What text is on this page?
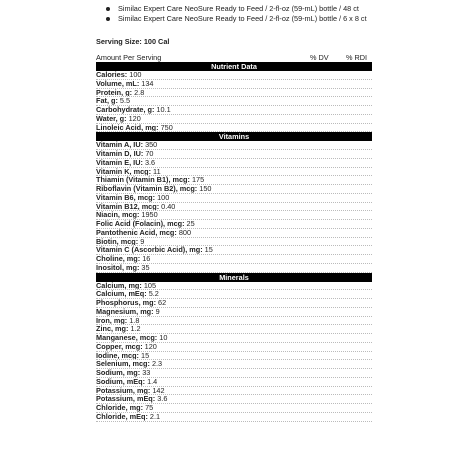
Similac Expert Care NeoSure Ready to Feed / 2-fl-oz (59-mL) bottle / 48 ct
Similac Expert Care NeoSure Ready to Feed / 2-fl-oz (59-mL) bottle / 6 x 8 ct
Serving Size: 100 Cal
Amount Per Serving	% DV % RDI
Nutrient Data
Calories: 100
Volume, mL: 134
Protein, g: 2.8
Fat, g: 5.5
Carbohydrate, g: 10.1
Water, g: 120
Linoleic Acid, mg: 750
Vitamins
Vitamin A, IU: 350
Vitamin D, IU: 70
Vitamin E, IU: 3.6
Vitamin K, mcg: 11
Thiamin (Vitamin B1), mcg: 175
Riboflavin (Vitamin B2), mcg: 150
Vitamin B6, mcg: 100
Vitamin B12, mcg: 0.40
Niacin, mcg: 1950
Folic Acid (Folacin), mcg: 25
Pantothenic Acid, mcg: 800
Biotin, mcg: 9
Vitamin C (Ascorbic Acid), mg: 15
Choline, mg: 16
Inositol, mg: 35
Minerals
Calcium, mg: 105
Calcium, mEq: 5.2
Phosphorus, mg: 62
Magnesium, mg: 9
Iron, mg: 1.8
Zinc, mg: 1.2
Manganese, mcg: 10
Copper, mcg: 120
Iodine, mcg: 15
Selenium, mcg: 2.3
Sodium, mg: 33
Sodium, mEq: 1.4
Potassium, mg: 142
Potassium, mEq: 3.6
Chloride, mg: 75
Chloride, mEq: 2.1
